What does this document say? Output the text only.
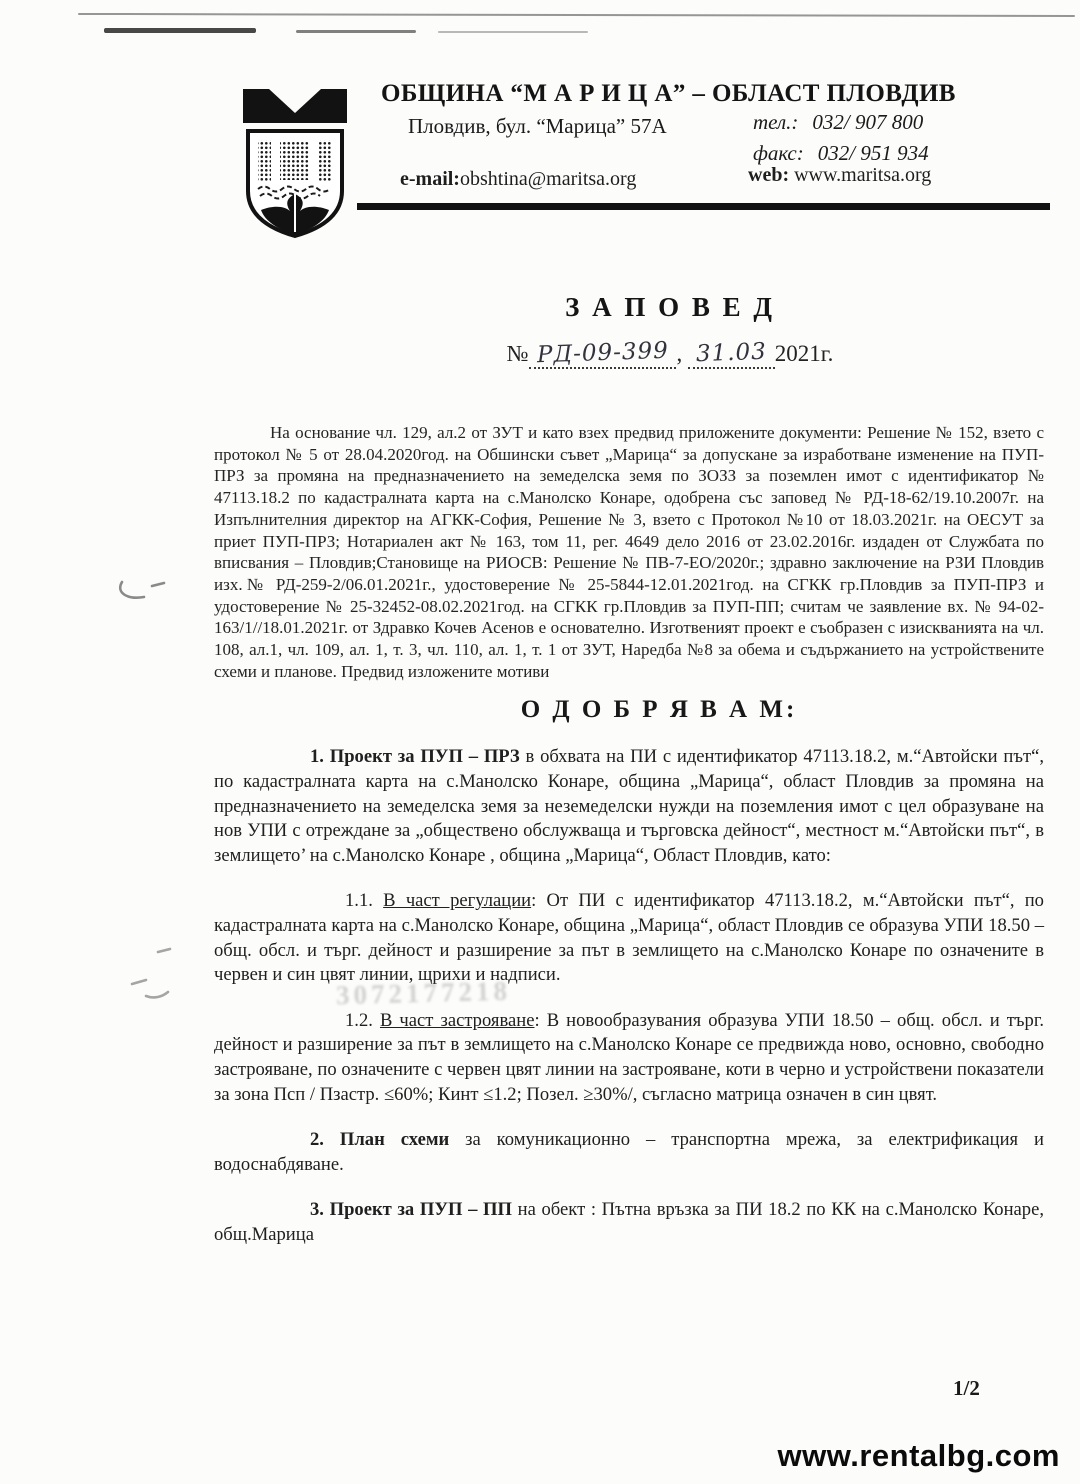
ОБЩИНА “М А Р И Ц А” – ОБЛАСТ ПЛОВДИВ
Пловдив, бул. “Марица” 57А	тел.: 032/ 907 800
факс: 032/ 951 934
e-mail:obshtina@maritsa.org	web: www.maritsa.org
З А П О В Е Д
№ РД-09-399 , 31.03 2021г.

На основание чл. 129, ал.2 от ЗУТ и като взех предвид приложените документи: Решение № 152, взето с протокол № 5 от 28.04.2020год. на Обшински съвет „Марица“ за допускане за изработване изменение на ПУП-ПРЗ за промяна на предназначението на земеделска земя по ЗОЗЗ за поземлен имот с идентификатор № 47113.18.2 по кадастралната карта на с.Манолско Конаре, одобрена със заповед № РД-18-62/19.10.2007г. на Изпълнителния директор на АГКК-София, Решение № 3, взето с Протокол №10 от 18.03.2021г. на ОЕСУТ за приет ПУП-ПРЗ; Нотариален акт № 163, том 11, рег. 4649 дело 2016 от 23.02.2016г. издаден от Службата по вписвания – Пловдив;Становище на РИОСВ: Решение № ПВ-7-ЕО/2020г.; здравно заключение на РЗИ Пловдив изх.№ РД-259-2/06.01.2021г., удостоверение № 25-5844-12.01.2021год. на СГКК гр.Пловдив за ПУП-ПРЗ и удостоверение № 25-32452-08.02.2021год. на СГКК гр.Пловдив за ПУП-ПП; считам че заявление вх. № 94-02-163/1//18.01.2021г. от Здравко Кочев Асенов е основателно. Изготвеният проект е съобразен с изискванията на чл. 108, ал.1, чл. 109, ал. 1, т. 3, чл. 110, ал. 1, т. 1 от ЗУТ, Наредба №8 за обема и съдържанието на устройствените схеми и планове. Предвид изложените мотиви

О Д О Б Р Я В А М:

1. Проект за ПУП – ПРЗ в обхвата на ПИ с идентификатор 47113.18.2, м.“Автойски път“, по кадастралната карта на с.Манолско Конаре, община „Марица“, област Пловдив за промяна на предназначението на земеделска земя за неземеделски нужди на поземления имот с цел образуване на нов УПИ с отреждане за „обществено обслужваща и търговска дейност“, местност м.“Автойски път“, в землището’ на с.Манолско Конаре , община „Марица“, Област Пловдив, като:

1.1. В част регулации: От ПИ с идентификатор 47113.18.2, м.“Автойски път“, по кадастралната карта на с.Манолско Конаре, община „Марица“, област Пловдив се образува УПИ 18.50 – общ. обсл. и търг. дейност и разширение за път в землището на с.Манолско Конаре по означените в червен и син цвят линии, щрихи и надписи.

1.2. В част застрояване: В новообразувания образува УПИ 18.50 – общ. обсл. и търг. дейност и разширение за път в землището на с.Манолско Конаре се предвижда ново, основно, свободно застрояване, по означените с червен цвят линии на застрояване, коти в черно и устройствени показатели за зона Псп / Пзастр. ≤60%; Кинт ≤1.2; Позел. ≥30%/, съгласно матрица означен в син цвят.

2. План схеми за комуникационно – транспортна мрежа, за електрификация и водоснабдяване.

3. Проект за ПУП – ПП на обект : Пътна връзка за ПИ 18.2 по КК на с.Манолско Конаре, общ.Марица

3072177218
1/2
www.rentalbg.com
